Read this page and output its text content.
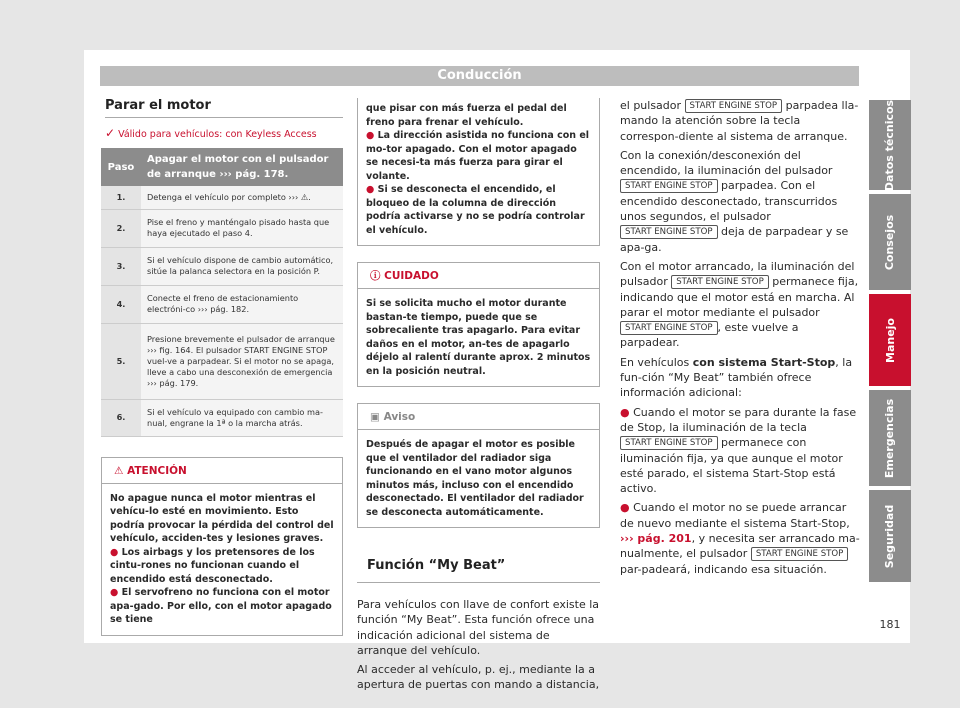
Conducción
Parar el motor
✓ Válido para vehículos: con Keyless Access
Paso	Apagar el motor con el pulsador de arranque ››› pág. 178.
1.	Detenga el vehículo por completo ››› ⚠.
2.	Pise el freno y manténgalo pisado hasta que haya ejecutado el paso 4.
3.	Si el vehículo dispone de cambio automático, sitúe la palanca selectora en la posición P.
4.	Conecte el freno de estacionamiento electróni-co ››› pág. 182.
5.	Presione brevemente el pulsador de arranque ››› fig. 164. El pulsador START ENGINE STOP vuel-ve a parpadear. Si el motor no se apaga, lleve a cabo una desconexión de emergencia ››› pág. 179.
6.	Si el vehículo va equipado con cambio ma-nual, engrane la 1ª o la marcha atrás.
⚠ ATENCIÓN
No apague nunca el motor mientras el vehícu-lo esté en movimiento. Esto podría provocar la pérdida del control del vehículo, acciden-tes y lesiones graves.
● Los airbags y los pretensores de los cintu-rones no funcionan cuando el encendido está desconectado.
● El servofreno no funciona con el motor apa-gado. Por ello, con el motor apagado se tiene
que pisar con más fuerza el pedal del freno para frenar el vehículo.
● La dirección asistida no funciona con el mo-tor apagado. Con el motor apagado se necesi-ta más fuerza para girar el volante.
● Si se desconecta el encendido, el bloqueo de la columna de dirección podría activarse y no se podría controlar el vehículo.
ⓘ CUIDADO
Si se solicita mucho el motor durante bastan-te tiempo, puede que se sobrecaliente tras apagarlo. Para evitar daños en el motor, an-tes de apagarlo déjelo al ralentí durante aprox. 2 minutos en la posición neutral.
▣ Aviso
Después de apagar el motor es posible que el ventilador del radiador siga funcionando en el vano motor algunos minutos más, incluso con el encendido desconectado. El ventilador del radiador se desconecta automáticamente.
Función “My Beat”

Para vehículos con llave de confort existe la función “My Beat”. Esta función ofrece una indicación adicional del sistema de arranque del vehículo.

Al acceder al vehículo, p. ej., mediante la a apertura de puertas con mando a distancia,

el pulsador START ENGINE STOP parpadea lla-mando la atención sobre la tecla correspon-diente al sistema de arranque.

Con la conexión/desconexión del encendido, la iluminación del pulsador START ENGINE STOP parpadea. Con el encendido desconectado, transcurridos unos segundos, el pulsador START ENGINE STOP deja de parpadear y se apa-ga.

Con el motor arrancado, la iluminación del pulsador START ENGINE STOP permanece fija, indicando que el motor está en marcha. Al parar el motor mediante el pulsador START ENGINE STOP , este vuelve a parpadear.

En vehículos con sistema Start-Stop, la fun-ción “My Beat” también ofrece información adicional:

● Cuando el motor se para durante la fase de Stop, la iluminación de la tecla START ENGINE STOP permanece con iluminación fija, ya que aunque el motor esté parado, el sistema Start-Stop está activo.

● Cuando el motor no se puede arrancar de nuevo mediante el sistema Start-Stop, ››› pág. 201, y necesita ser arrancado ma-nualmente, el pulsador START ENGINE STOP par-padeará, indicando esa situación.

Datos técnicos
Consejos
Manejo
Emergencias
Seguridad
181
